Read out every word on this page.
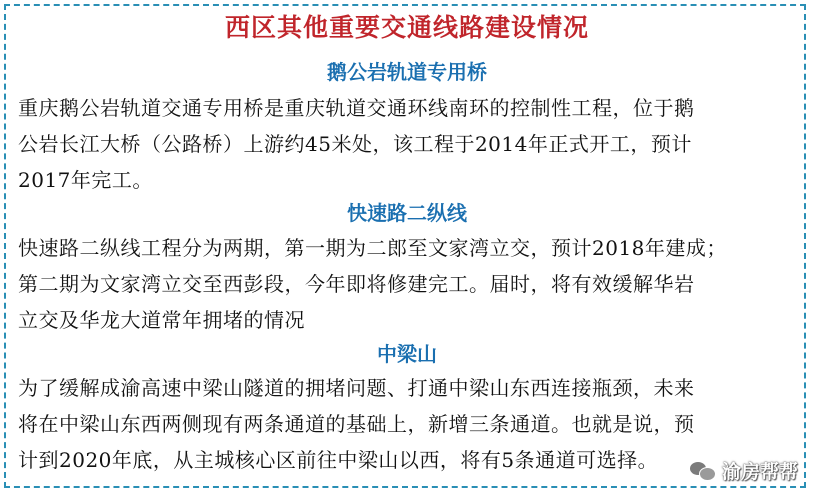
西区其他重要交通线路建设情况
鹅公岩轨道专用桥
重庆鹅公岩轨道交通专用桥是重庆轨道交通环线南环的控制性工程，位于鹅
公岩长江大桥（公路桥）上游约45米处，该工程于2014年正式开工，预计
2017年完工。
快速路二纵线
快速路二纵线工程分为两期，第一期为二郎至文家湾立交，预计2018年建成；
第二期为文家湾立交至西彭段，今年即将修建完工。届时，将有效缓解华岩
立交及华龙大道常年拥堵的情况
中梁山
为了缓解成渝高速中梁山隧道的拥堵问题、打通中梁山东西连接瓶颈，未来
将在中梁山东西两侧现有两条通道的基础上，新增三条通道。也就是说，预
计到2020年底，从主城核心区前往中梁山以西，将有5条通道可选择。	渝房帮帮
